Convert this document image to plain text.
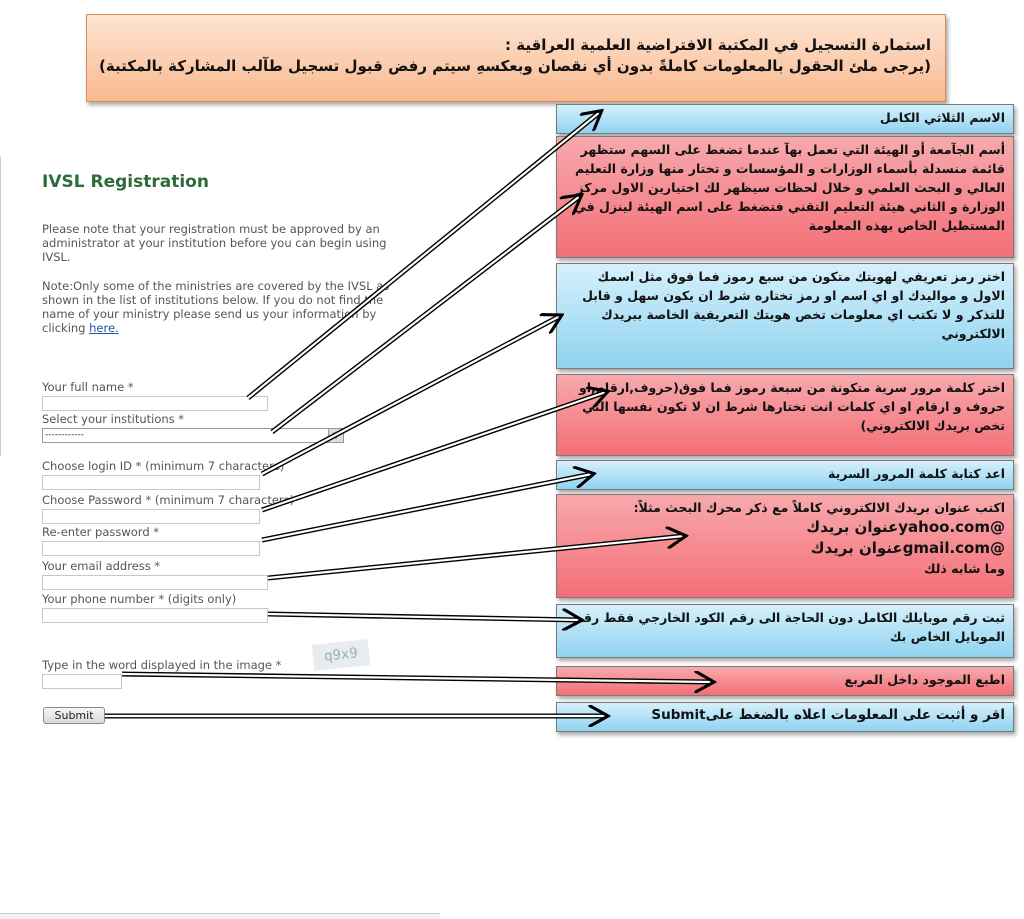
استمارة التسجيل في المكتبة الافتراضية العلمية العراقية :
(يرجى ملئ الحقول بالمعلومات كاملةً بدون أي نقصان وبعكسهِ سيتم رفض قبول تسجيل طآلب المشاركة بالمكتبة)
IVSL Registration
Please note that your registration must be approved by an administrator at your institution before you can begin using IVSL.
Note:Only some of the ministries are covered by the IVSL as shown in the list of institutions below. If you do not find the name of your ministry please send us your information by clicking here.
Your full name *
Select your institutions *
------------	▼
Choose login ID * (minimum 7 characters)
Choose Password * (minimum 7 characters)
Re-enter password *
Your email address *
Your phone number * (digits only)
q9x9
Type in the word displayed in the image *
Submit
الاسم الثلاثي الكامل
أسم الجآمعة أو الهيئة التي تعمل بهآ عندما تضغط على السهم ستظهر قائمة منسدلة بأسماء الوزارات و المؤسسات و تختار منها وزارة التعليم العالي و البحث العلمي و خلال لحظات سيظهر لك اختيارين الاول مركز الوزارة و الثاني هيئة التعليم التقني فتضغط على اسم الهيئة لينزل في المستطيل الخاص بهذه المعلومة
اختر رمز تعريفي لهويتك متكون من سبع رموز فما فوق مثل اسمك الاول و مواليدك او اي اسم او رمز تختاره شرط ان يكون سهل و قابل للتذكر و لا تكتب اي معلومات تخص هويتك التعريفية الخاصة ببريدك الالكتروني
اختر كلمة مرور سرية متكونة من سبعة رموز فما فوق(حروف,ارقام,او حروف و ارقام او اي كلمات انت تختارها شرط ان لا تكون نفسها التي تخص بريدك الالكتروني)
اعد كتابة كلمة المرور السرية
اكتب عنوان بريدك الالكتروني كاملاً مع ذكر محرك البحث مثلاً:
@yahoo.comعنوان بريدك
@gmail.comعنوان بريدك
وما شابه ذلك
ثبت رقم موبايلك الكامل دون الحاجة الى رقم الكود الخارجي فقط رقم الموبايل الخاص بك
اطبع الموجود داخل المربع
اقر و أثبت على المعلومات اعلاه بالضغط علىSubmit
